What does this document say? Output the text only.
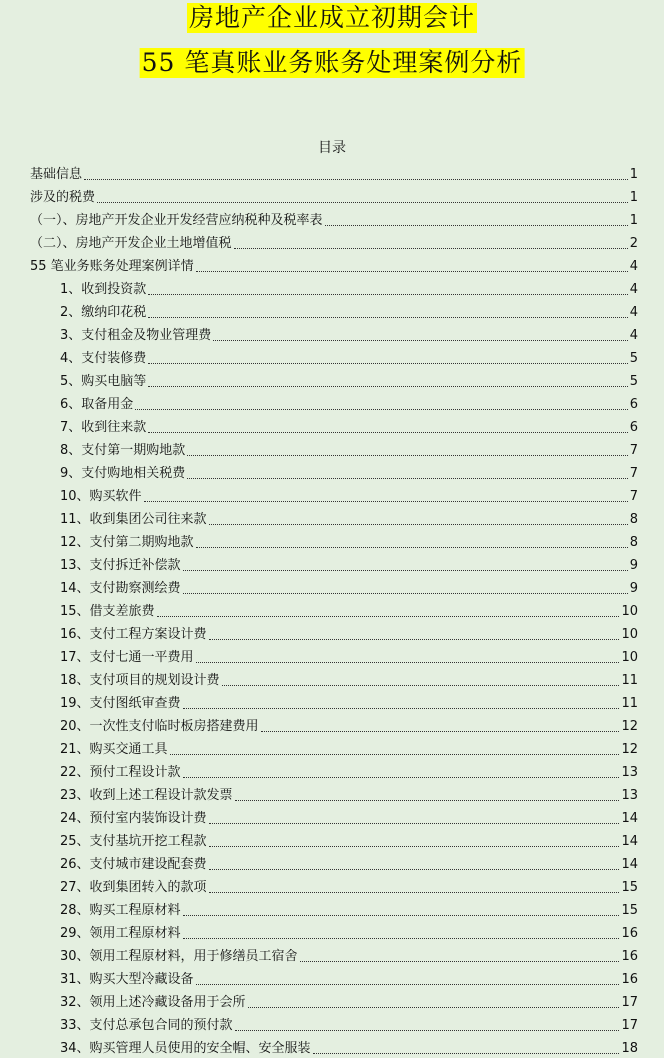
房地产企业成立初期会计
55 笔真账业务账务处理案例分析
目录
基础信息	1
涉及的税费	1
（一）、房地产开发企业开发经营应纳税种及税率表	1
（二）、房地产开发企业土地增值税	2
55 笔业务账务处理案例详情	4
1、收到投资款	4
2、缴纳印花税	4
3、支付租金及物业管理费	4
4、支付装修费	5
5、购买电脑等	5
6、取备用金	6
7、收到往来款	6
8、支付第一期购地款	7
9、支付购地相关税费	7
10、购买软件	7
11、收到集团公司往来款	8
12、支付第二期购地款	8
13、支付拆迁补偿款	9
14、支付勘察测绘费	9
15、借支差旅费	10
16、支付工程方案设计费	10
17、支付七通一平费用	10
18、支付项目的规划设计费	11
19、支付图纸审查费	11
20、一次性支付临时板房搭建费用	12
21、购买交通工具	12
22、预付工程设计款	13
23、收到上述工程设计款发票	13
24、预付室内装饰设计费	14
25、支付基坑开挖工程款	14
26、支付城市建设配套费	14
27、收到集团转入的款项	15
28、购买工程原材料	15
29、领用工程原材料	16
30、领用工程原材料，用于修缮员工宿舍	16
31、购买大型冷藏设备	16
32、领用上述冷藏设备用于会所	17
33、支付总承包合同的预付款	17
34、购买管理人员使用的安全帽、安全服装	18
